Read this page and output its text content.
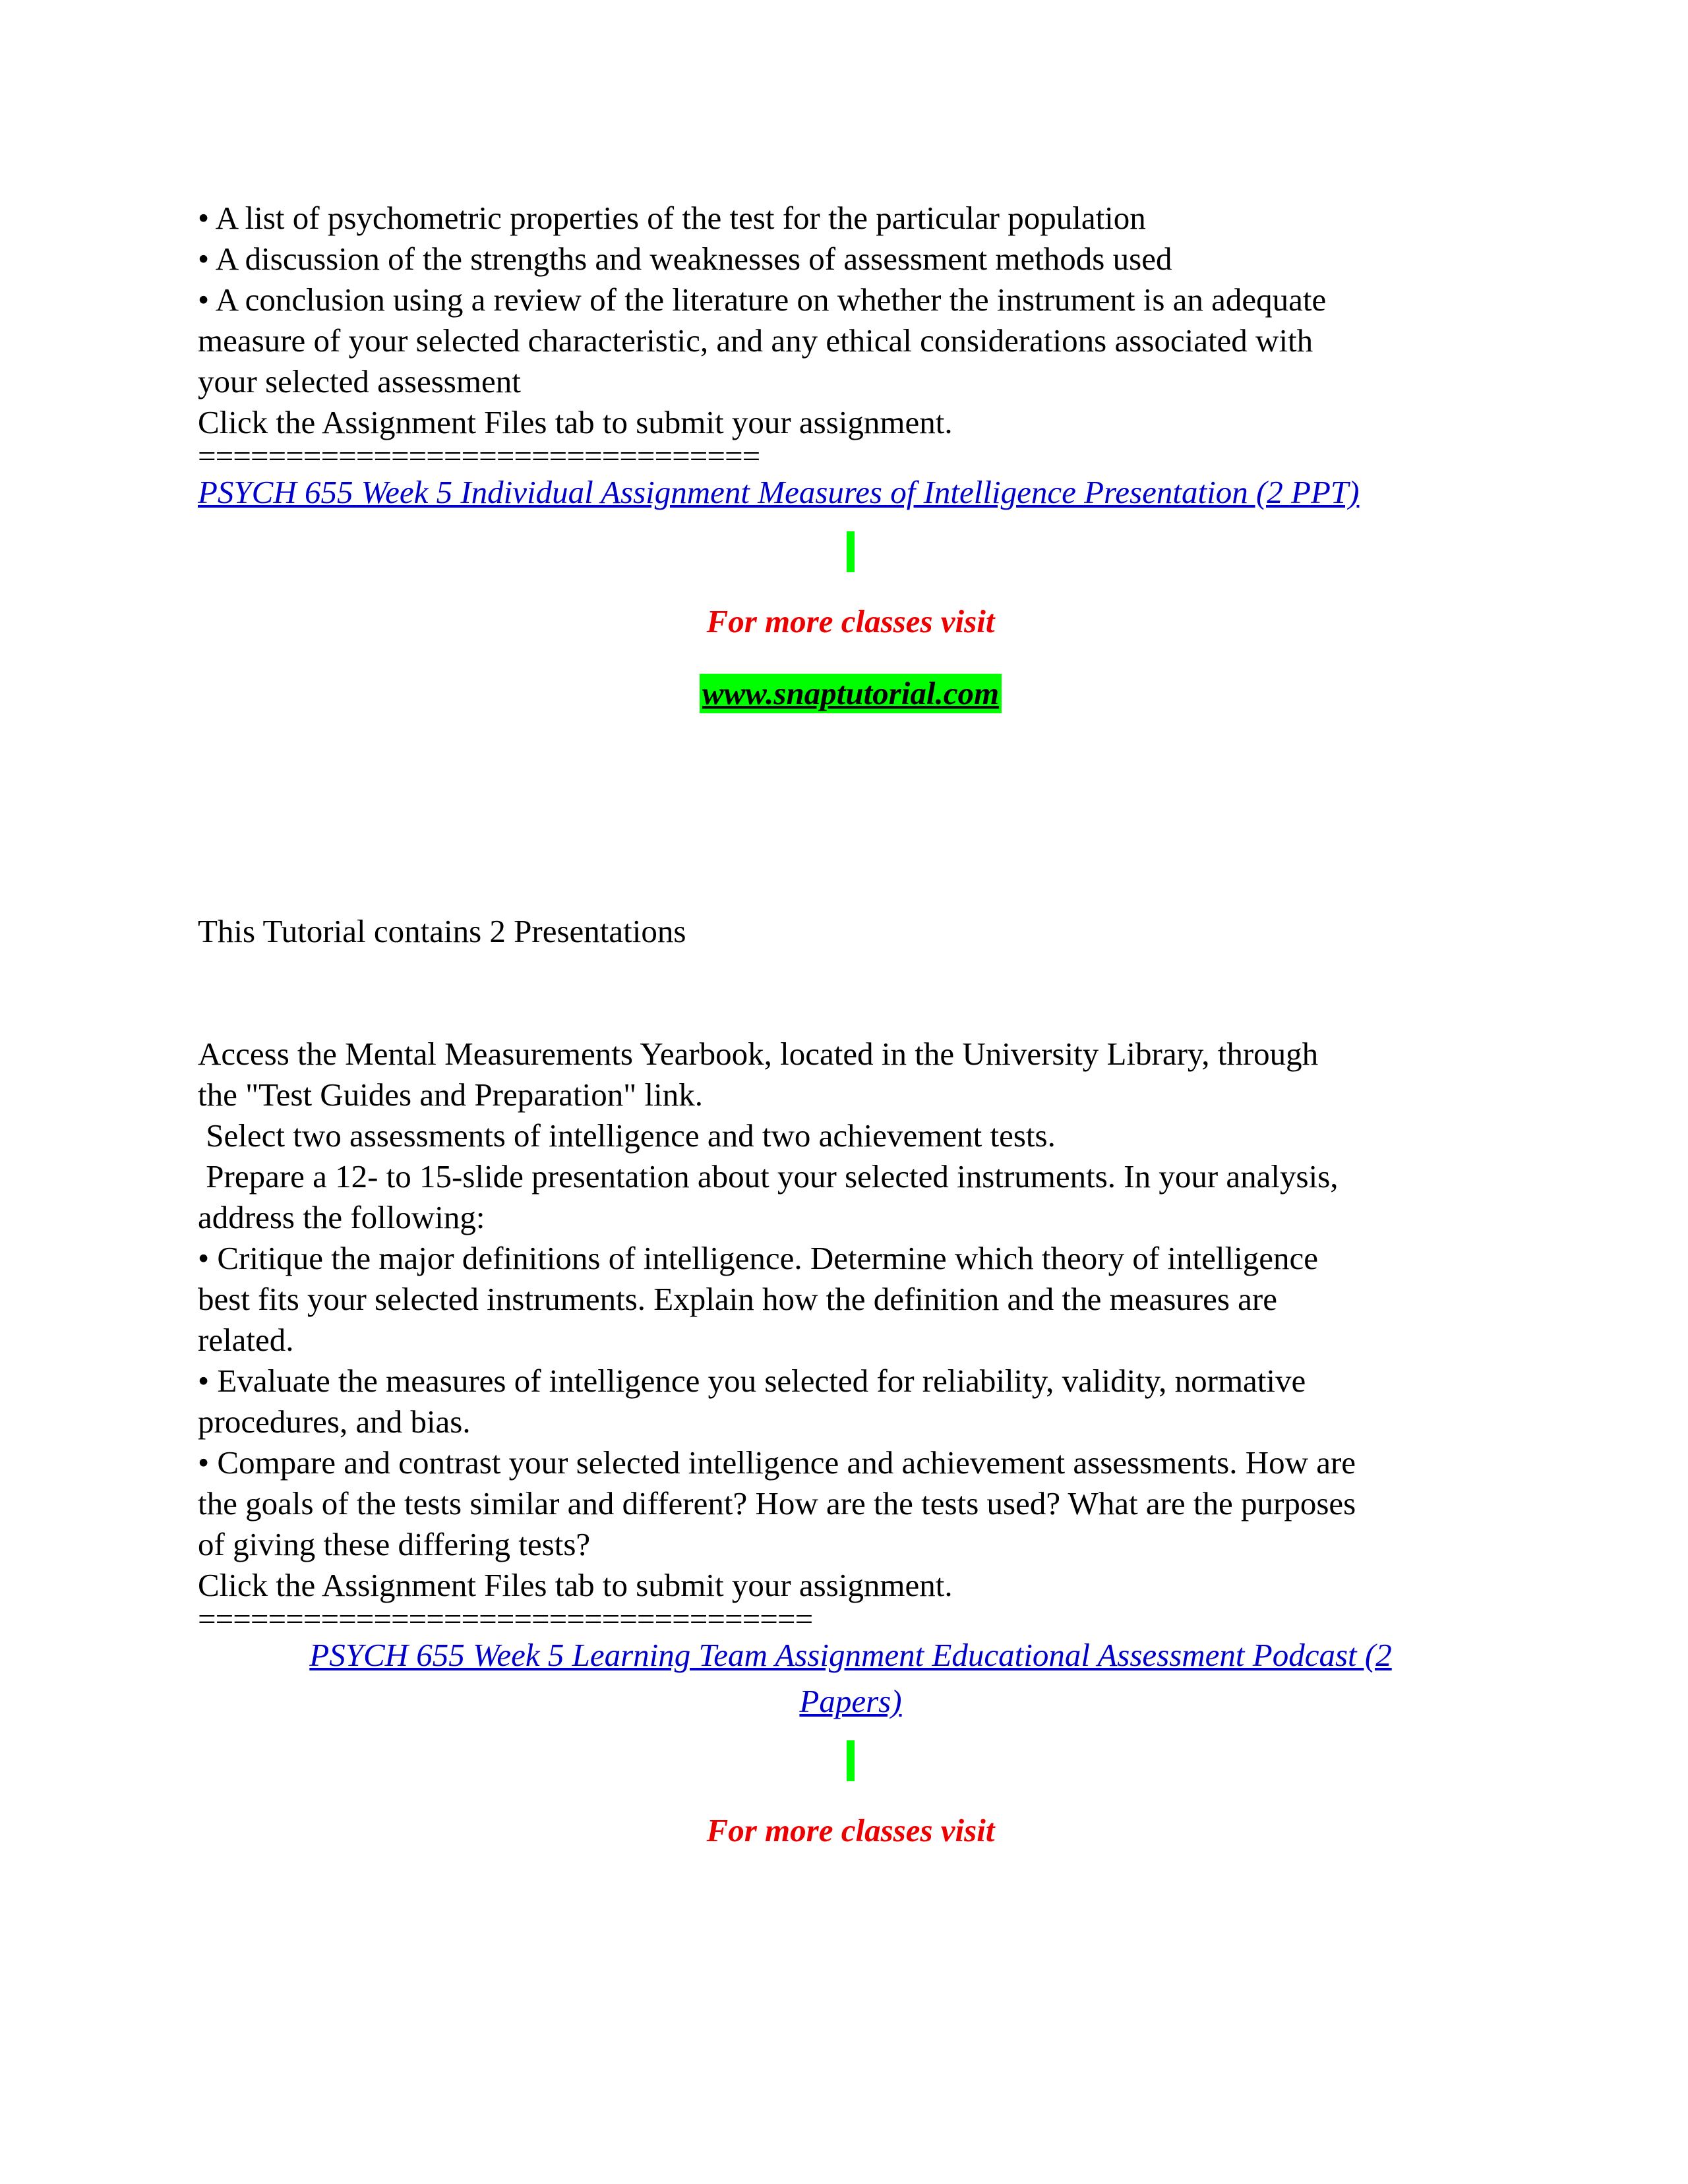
• A list of psychometric properties of the test for the particular population
• A discussion of the strengths and weaknesses of assessment methods used
• A conclusion using a review of the literature on whether the instrument is an adequate
measure of your selected characteristic, and any ethical considerations associated with
your selected assessment
Click the Assignment Files tab to submit your assignment.
================================
PSYCH 655 Week 5 Individual Assignment Measures of Intelligence Presentation (2 PPT)
For more classes visit
www.snaptutorial.com
This Tutorial contains 2 Presentations
Access the Mental Measurements Yearbook, located in the University Library, through
the "Test Guides and Preparation" link.
Select two assessments of intelligence and two achievement tests.
Prepare a 12- to 15-slide presentation about your selected instruments. In your analysis,
address the following:
• Critique the major definitions of intelligence. Determine which theory of intelligence
best fits your selected instruments. Explain how the definition and the measures are
related.
• Evaluate the measures of intelligence you selected for reliability, validity, normative
procedures, and bias.
• Compare and contrast your selected intelligence and achievement assessments. How are
the goals of the tests similar and different? How are the tests used? What are the purposes
of giving these differing tests?
Click the Assignment Files tab to submit your assignment.
===================================
PSYCH 655 Week 5 Learning Team Assignment Educational Assessment Podcast (2
Papers)
For more classes visit
